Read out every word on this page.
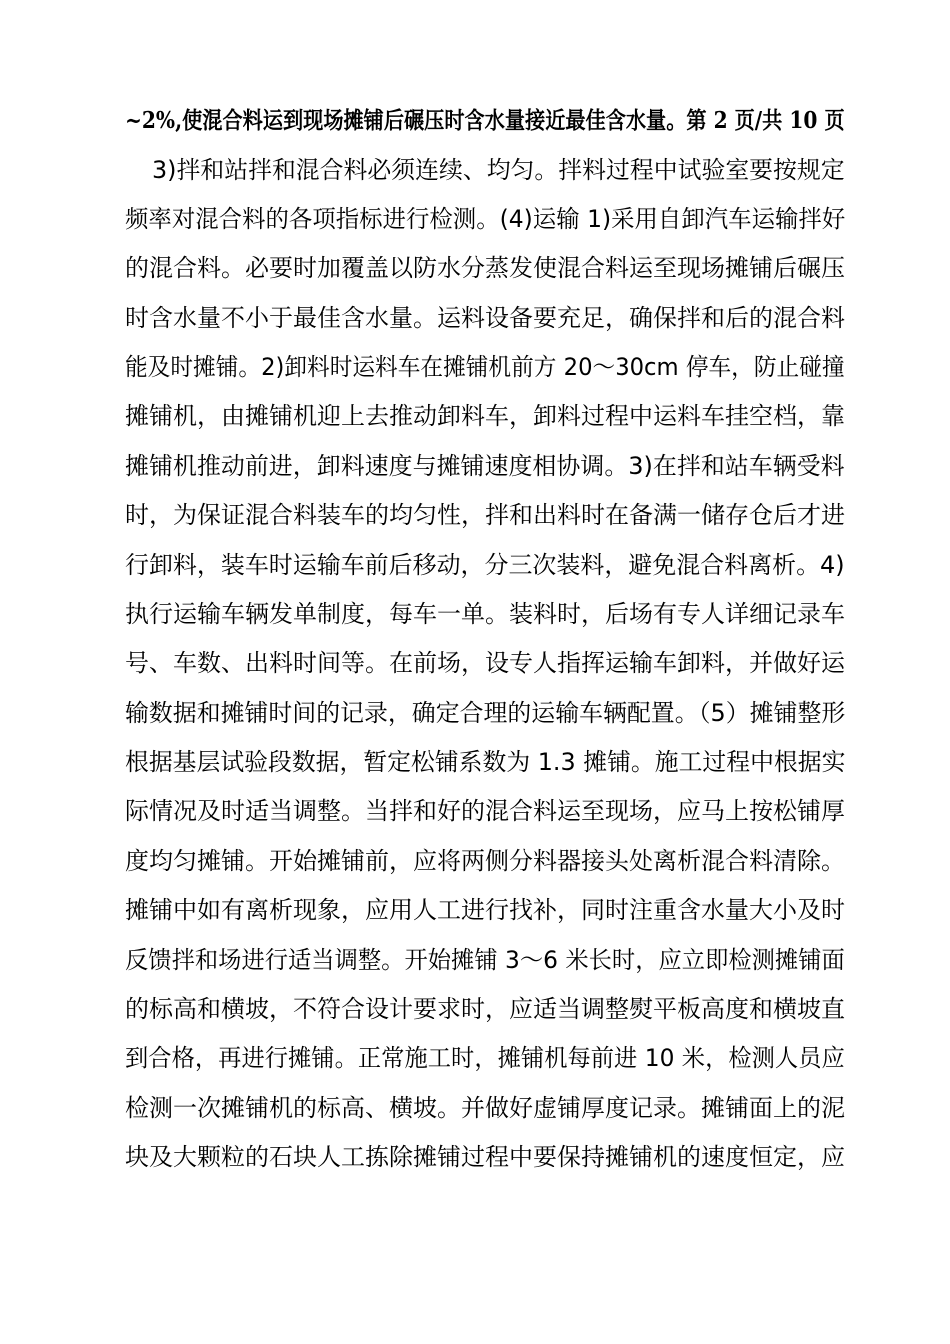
~2%,使混合料运到现场摊铺后碾压时含水量接近最佳含水量。第 2 页/共 10 页
3)拌和站拌和混合料必须连续、均匀。拌料过程中试验室要按规定
频率对混合料的各项指标进行检测。(4)运输 1)采用自卸汽车运输拌好
的混合料。必要时加覆盖以防水分蒸发使混合料运至现场摊铺后碾压
时含水量不小于最佳含水量。运料设备要充足，确保拌和后的混合料
能及时摊铺。2)卸料时运料车在摊铺机前方 20～30cm 停车，防止碰撞
摊铺机，由摊铺机迎上去推动卸料车，卸料过程中运料车挂空档，靠
摊铺机推动前进，卸料速度与摊铺速度相协调。3)在拌和站车辆受料
时，为保证混合料装车的均匀性，拌和出料时在备满一储存仓后才进
行卸料，装车时运输车前后移动，分三次装料，避免混合料离析。4)
执行运输车辆发单制度，每车一单。装料时，后场有专人详细记录车
号、车数、出料时间等。在前场，设专人指挥运输车卸料，并做好运
输数据和摊铺时间的记录，确定合理的运输车辆配置。（5）摊铺整形
根据基层试验段数据，暂定松铺系数为 1.3 摊铺。施工过程中根据实
际情况及时适当调整。当拌和好的混合料运至现场，应马上按松铺厚
度均匀摊铺。开始摊铺前，应将两侧分料器接头处离析混合料清除。
摊铺中如有离析现象，应用人工进行找补，同时注重含水量大小及时
反馈拌和场进行适当调整。开始摊铺 3～6 米长时，应立即检测摊铺面
的标高和横坡，不符合设计要求时，应适当调整熨平板高度和横坡直
到合格，再进行摊铺。正常施工时，摊铺机每前进 10 米，检测人员应
检测一次摊铺机的标高、横坡。并做好虚铺厚度记录。摊铺面上的泥
块及大颗粒的石块人工拣除摊铺过程中要保持摊铺机的速度恒定，应
